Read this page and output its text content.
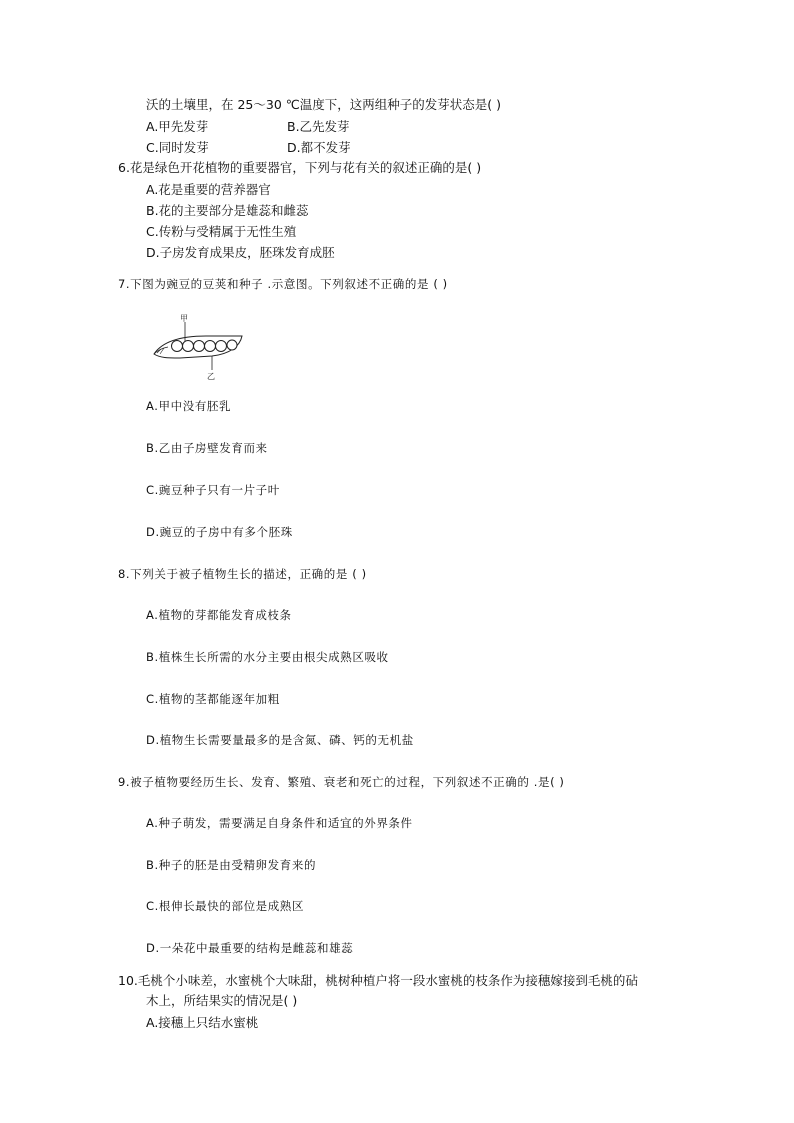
沃的土壤里，在 25～30 ℃温度下，这两组种子的发芽状态是( )
A.甲先发芽	B.乙先发芽
C.同时发芽	D.都不发芽
6.花是绿色开花植物的重要器官，下列与花有关的叙述正确的是( )
A.花是重要的营养器官
B.花的主要部分是雄蕊和雌蕊
C.传粉与受精属于无性生殖
D.子房发育成果皮，胚珠发育成胚
7.下图为豌豆的豆荚和种子 .示意图。下列叙述不正确的是 ( )
甲
乙
A.甲中没有胚乳
B.乙由子房壁发育而来
C.豌豆种子只有一片子叶
D.豌豆的子房中有多个胚珠
8.下列关于被子植物生长的描述，正确的是 ( )
A.植物的芽都能发育成枝条
B.植株生长所需的水分主要由根尖成熟区吸收
C.植物的茎都能逐年加粗
D.植物生长需要量最多的是含氮、磷、钙的无机盐
9.被子植物要经历生长、发育、繁殖、衰老和死亡的过程，下列叙述不正确的 .是( )
A.种子萌发，需要满足自身条件和适宜的外界条件
B.种子的胚是由受精卵发育来的
C.根伸长最快的部位是成熟区
D.一朵花中最重要的结构是雌蕊和雄蕊
10.毛桃个小味差，水蜜桃个大味甜，桃树种植户将一段水蜜桃的枝条作为接穗嫁接到毛桃的砧
木上，所结果实的情况是( )
A.接穗上只结水蜜桃
